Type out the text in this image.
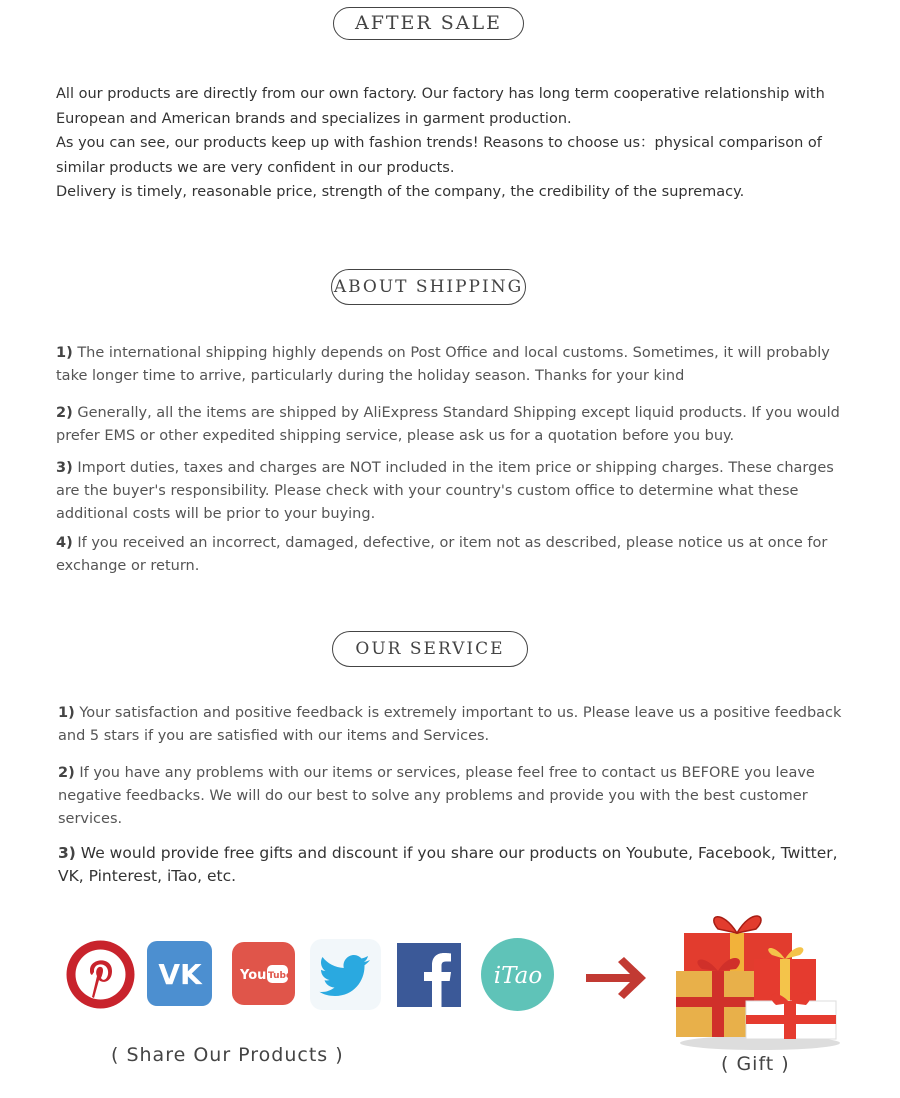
AFTER SALE

All our products are directly from our own factory. Our factory has long term cooperative relationship with European and American brands and specializes in garment production.

As you can see, our products keep up with fashion trends! Reasons to choose us：physical comparison of similar products we are very confident in our products.

Delivery is timely, reasonable price, strength of the company, the credibility of the supremacy.

ABOUT SHIPPING
1) The international shipping highly depends on Post Office and local customs. Sometimes, it will probably take longer time to arrive, particularly during the holiday season. Thanks for your kind
2) Generally, all the items are shipped by AliExpress Standard Shipping except liquid products. If you would prefer EMS or other expedited shipping service, please ask us for a quotation before you buy.
3) Import duties, taxes and charges are NOT included in the item price or shipping charges. These charges are the buyer's responsibility. Please check with your country's custom office to determine what these additional costs will be prior to your buying.
4) If you received an incorrect, damaged, defective, or item not as described, please notice us at once for exchange or return.
OUR SERVICE
1) Your satisfaction and positive feedback is extremely important to us. Please leave us a positive feedback and 5 stars if you are satisfied with our items and Services.
2) If you have any problems with our items or services, please feel free to contact us BEFORE you leave negative feedbacks. We will do our best to solve any problems and provide you with the best customer services.
3) We would provide free gifts and discount if you share our products on Youbute, Facebook, Twitter, VK, Pinterest, iTao, etc.
VK	You Tube	iTao
( Share Our Products )	( Gift )
